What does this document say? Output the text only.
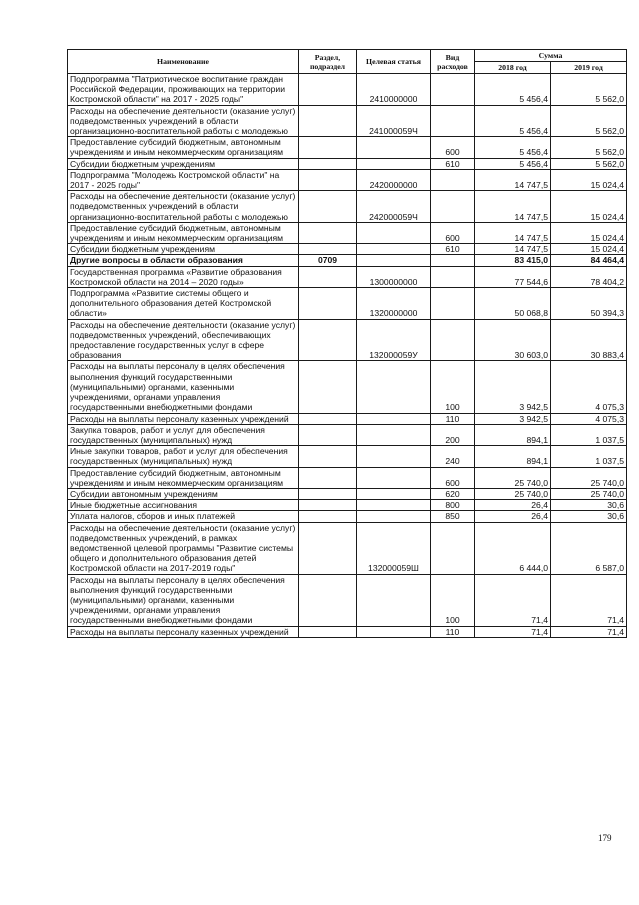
Наименование	Раздел, подраздел	Целевая статья	Вид расходов	Сумма	
				2018 год	2019 год
Подпрограмма "Патриотическое воспитание граждан Российской Федерации, проживающих на территории Костромской области" на 2017 - 2025 годы"		2410000000		5 456,4	5 562,0
Расходы на обеспечение деятельности (оказание услуг) подведомственных учреждений в области организационно-воспитательной работы с молодежью		241000059Ч		5 456,4	5 562,0
Предоставление субсидий бюджетным, автономным учреждениям и иным некоммерческим организациям			600	5 456,4	5 562,0
Субсидии бюджетным учреждениям			610	5 456,4	5 562,0
Подпрограмма "Молодежь Костромской области" на 2017 - 2025 годы"		2420000000		14 747,5	15 024,4
Расходы на обеспечение деятельности (оказание услуг) подведомственных учреждений в области организационно-воспитательной работы с молодежью		242000059Ч		14 747,5	15 024,4
Предоставление субсидий бюджетным, автономным учреждениям и иным некоммерческим организациям			600	14 747,5	15 024,4
Субсидии бюджетным учреждениям			610	14 747,5	15 024,4
Другие вопросы в области образования	0709			83 415,0	84 464,4
Государственная программа «Развитие образования Костромской области на 2014 – 2020 годы»		1300000000		77 544,6	78 404,2
Подпрограмма «Развитие системы общего и дополнительного образования детей Костромской области»		1320000000		50 068,8	50 394,3
Расходы на обеспечение деятельности (оказание услуг) подведомственных учреждений, обеспечивающих предоставление государственных услуг в сфере образования		132000059У		30 603,0	30 883,4
Расходы на выплаты персоналу в целях обеспечения выполнения функций государственными (муниципальными) органами, казенными учреждениями, органами управления государственными внебюджетными фондами			100	3 942,5	4 075,3
Расходы на выплаты персоналу казенных учреждений			110	3 942,5	4 075,3
Закупка товаров, работ и услуг для обеспечения государственных (муниципальных) нужд			200	894,1	1 037,5
Иные закупки товаров, работ и услуг для обеспечения государственных (муниципальных) нужд			240	894,1	1 037,5
Предоставление субсидий бюджетным, автономным учреждениям и иным некоммерческим организациям			600	25 740,0	25 740,0
Субсидии автономным учреждениям			620	25 740,0	25 740,0
Иные бюджетные ассигнования			800	26,4	30,6
Уплата налогов, сборов и иных платежей			850	26,4	30,6
Расходы на обеспечение деятельности (оказание услуг) подведомственных учреждений, в рамках ведомственной целевой программы "Развитие системы общего и дополнительного образования детей Костромской области на 2017-2019 годы"		132000059Ш		6 444,0	6 587,0
Расходы на выплаты персоналу в целях обеспечения выполнения функций государственными (муниципальными) органами, казенными учреждениями, органами управления государственными внебюджетными фондами			100	71,4	71,4
Расходы на выплаты персоналу казенных учреждений			110	71,4	71,4
179
